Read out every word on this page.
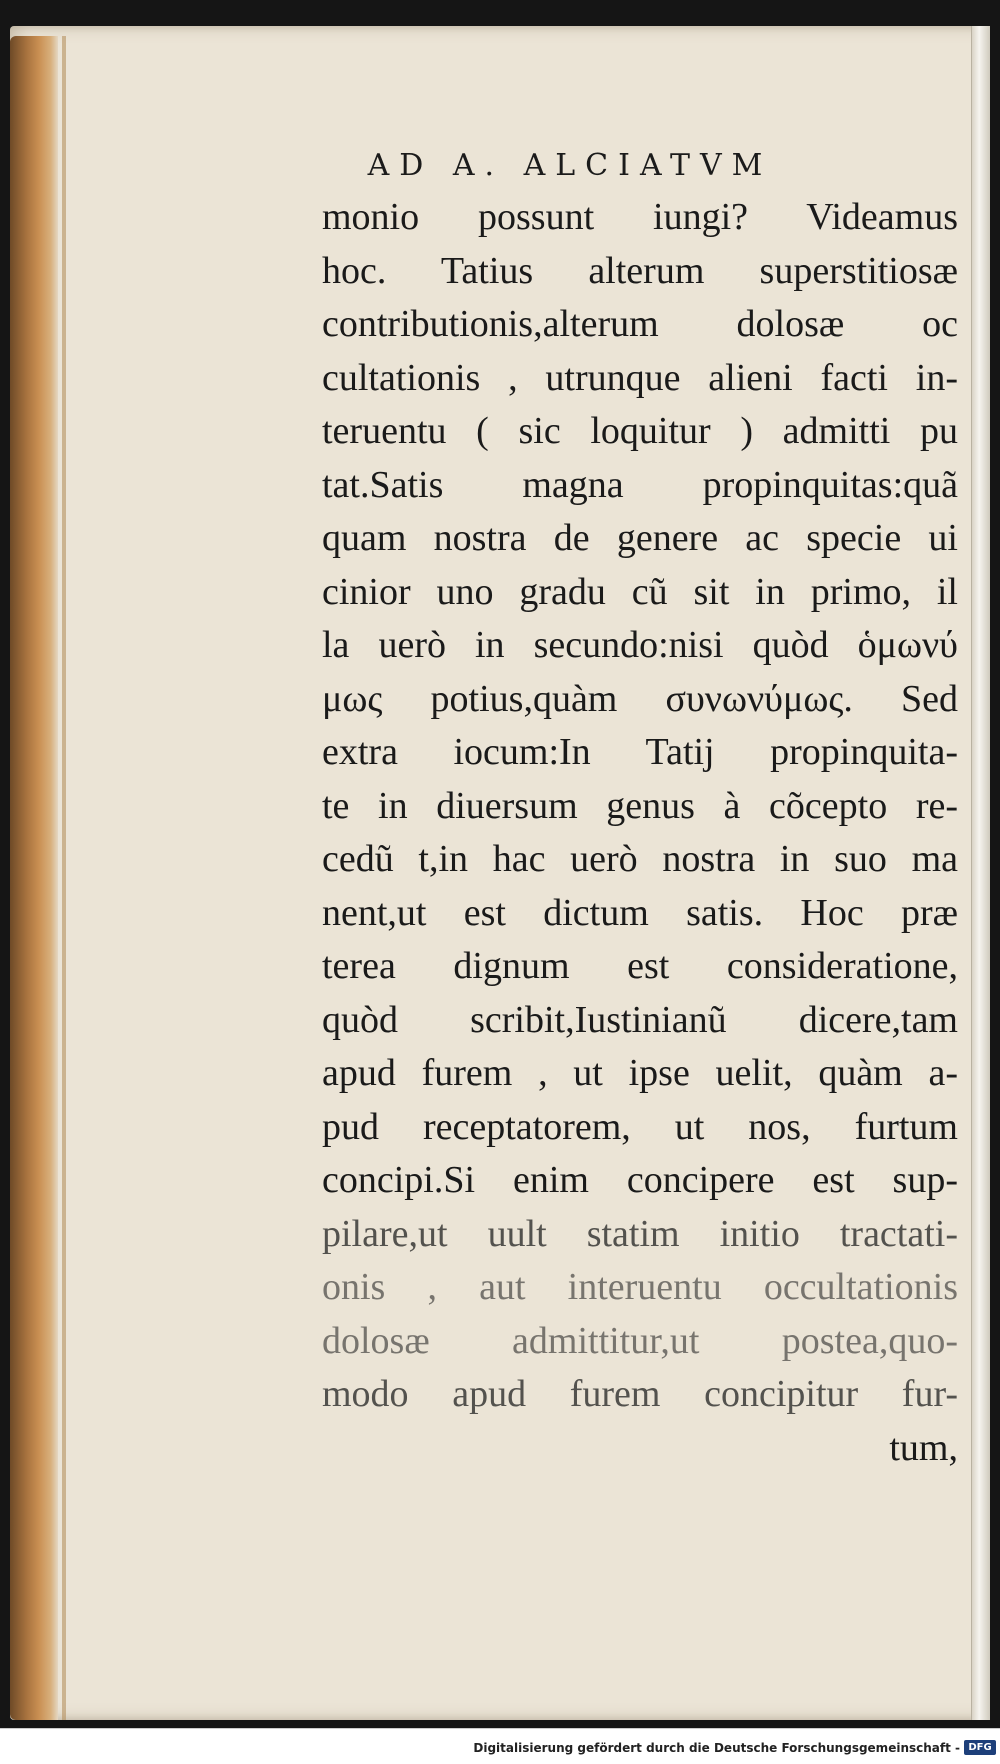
AD A. ALCIATVM
monio possunt iungi? Videamus
hoc. Tatius alterum superstitiosæ
contributionis,alterum dolosæ oc
cultationis , utrunque alieni facti in-
teruentu ( sic loquitur ) admitti pu
tat.Satis magna propinquitas:quã
quam nostra de genere ac specie ui
cinior uno gradu cũ sit in primo, il
la uerò in secundo:nisi quòd ὁμωνύ
μως potius,quàm συνωνύμως. Sed
extra iocum:In Tatij propinquita-
te in diuersum genus à cõcepto re-
cedũ t,in hac uerò nostra in suo ma
nent,ut est dictum satis. Hoc præ
terea dignum est consideratione,
quòd scribit,Iustinianũ dicere,tam
apud furem , ut ipse uelit, quàm a-
pud receptatorem, ut nos, furtum
concipi.Si enim concipere est sup-
pilare,ut uult statim initio tractati-
onis , aut interuentu occultationis
dolosæ admittitur,ut postea,quo-
modo apud furem concipitur fur-
tum,
Digitalisierung gefördert durch die Deutsche Forschungsgemeinschaft - DFG
